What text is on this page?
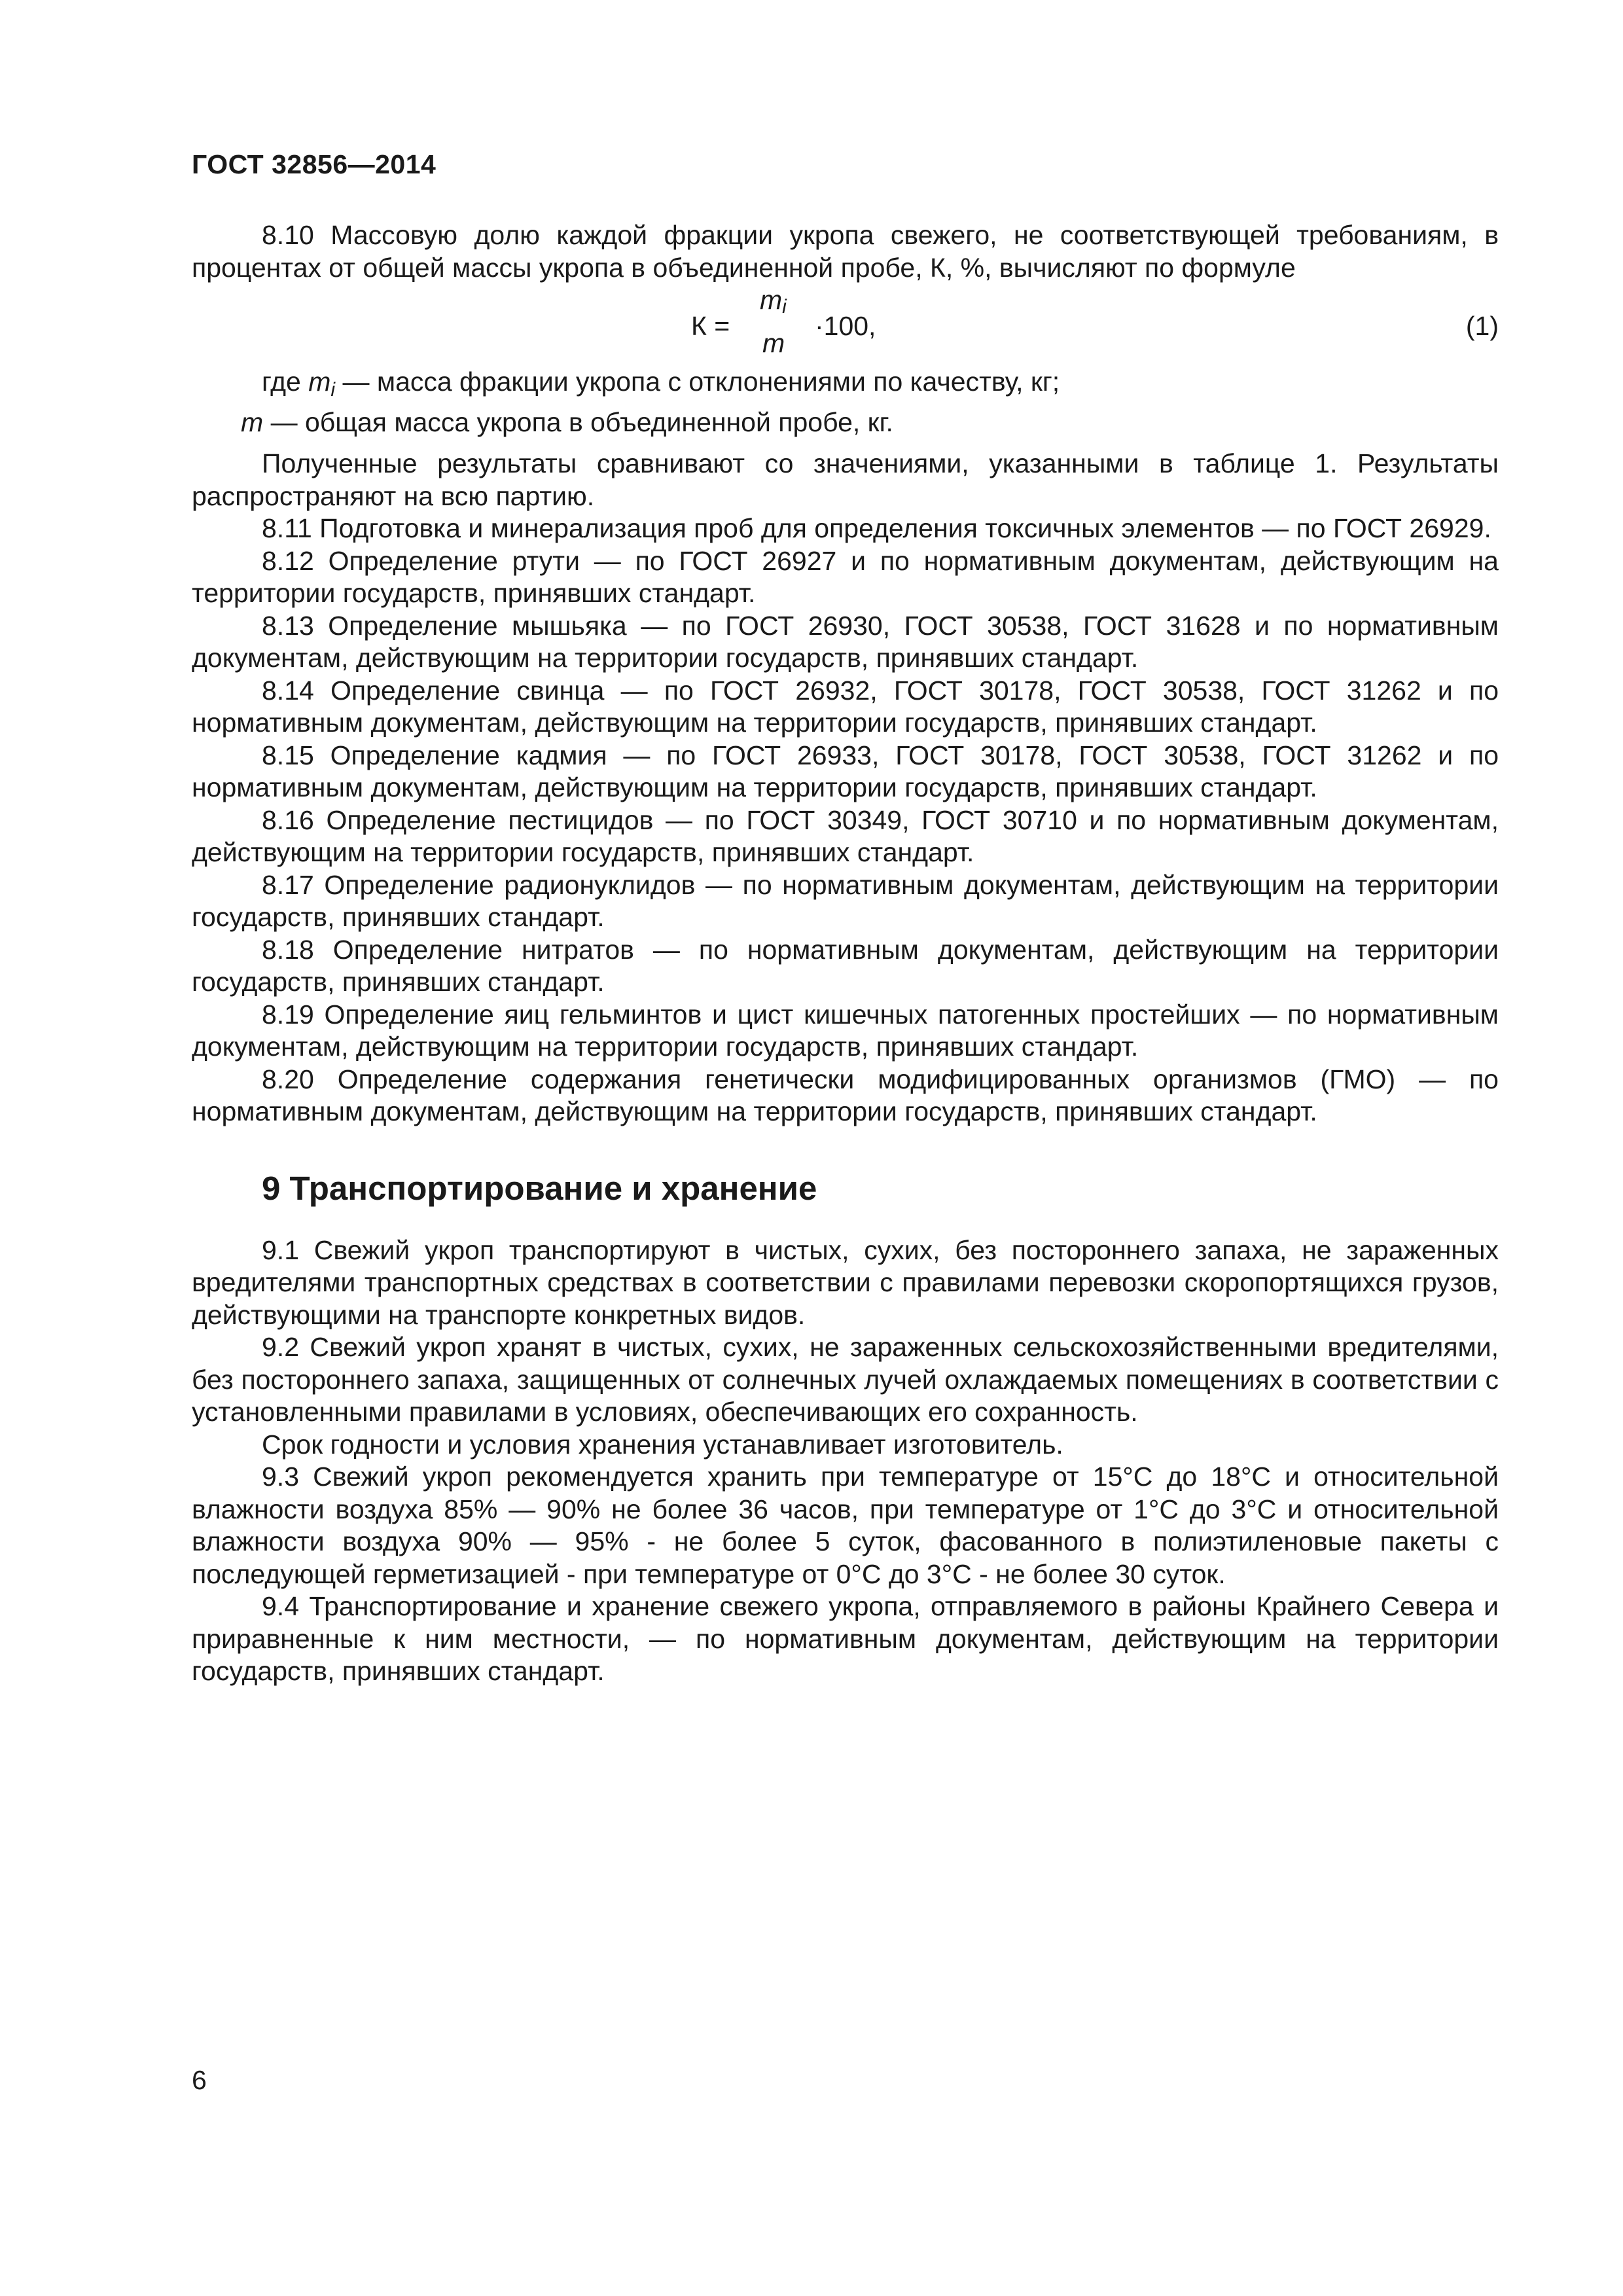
ГОСТ 32856—2014

8.10 Массовую долю каждой фракции укропа свежего, не соответствующей требованиям, в процентах от общей массы укропа в объединенной пробе, К, %, вычисляют по формуле

К =
$m_i$
m
·100,	(1)

где $m_i$ — масса фракции укропа с отклонениями по качеству, кг;

m — общая масса укропа в объединенной пробе, кг.

Полученные результаты сравнивают со значениями, указанными в таблице 1. Результаты распространяют на всю партию.

8.11 Подготовка и минерализация проб для определения токсичных элементов — по ГОСТ 26929.

8.12 Определение ртути — по ГОСТ 26927 и по нормативным документам, действующим на территории государств, принявших стандарт.

8.13 Определение мышьяка — по ГОСТ 26930, ГОСТ 30538, ГОСТ 31628 и по нормативным документам, действующим на территории государств, принявших стандарт.

8.14 Определение свинца — по ГОСТ 26932, ГОСТ 30178, ГОСТ 30538, ГОСТ 31262 и по нормативным документам, действующим на территории государств, принявших стандарт.

8.15 Определение кадмия — по ГОСТ 26933, ГОСТ 30178, ГОСТ 30538, ГОСТ 31262 и по нормативным документам, действующим на территории государств, принявших стандарт.

8.16 Определение пестицидов — по ГОСТ 30349, ГОСТ 30710 и по нормативным документам, действующим на территории государств, принявших стандарт.

8.17 Определение радионуклидов — по нормативным документам, действующим на территории государств, принявших стандарт.

8.18 Определение нитратов — по нормативным документам, действующим на территории государств, принявших стандарт.

8.19 Определение яиц гельминтов и цист кишечных патогенных простейших — по нормативным документам, действующим на территории государств, принявших стандарт.

8.20 Определение содержания генетически модифицированных организмов (ГМО) — по нормативным документам, действующим на территории государств, принявших стандарт.

9 Транспортирование и хранение

9.1 Свежий укроп транспортируют в чистых, сухих, без постороннего запаха, не зараженных вредителями транспортных средствах в соответствии с правилами перевозки скоропортящихся грузов, действующими на транспорте конкретных видов.

9.2 Свежий укроп хранят в чистых, сухих, не зараженных сельскохозяйственными вредителями, без постороннего запаха, защищенных от солнечных лучей охлаждаемых помещениях в соответствии с установленными правилами в условиях, обеспечивающих его сохранность.

Срок годности и условия хранения устанавливает изготовитель.

9.3 Свежий укроп рекомендуется хранить при температуре от 15°С до 18°С и относительной влажности воздуха 85% — 90% не более 36 часов, при температуре от 1°С до 3°С и относительной влажности воздуха 90% — 95% - не более 5 суток, фасованного в полиэтиленовые пакеты с последующей герметизацией - при температуре от 0°С до 3°С - не более 30 суток.

9.4 Транспортирование и хранение свежего укропа, отправляемого в районы Крайнего Севера и приравненные к ним местности, — по нормативным документам, действующим на территории государств, принявших стандарт.

6
